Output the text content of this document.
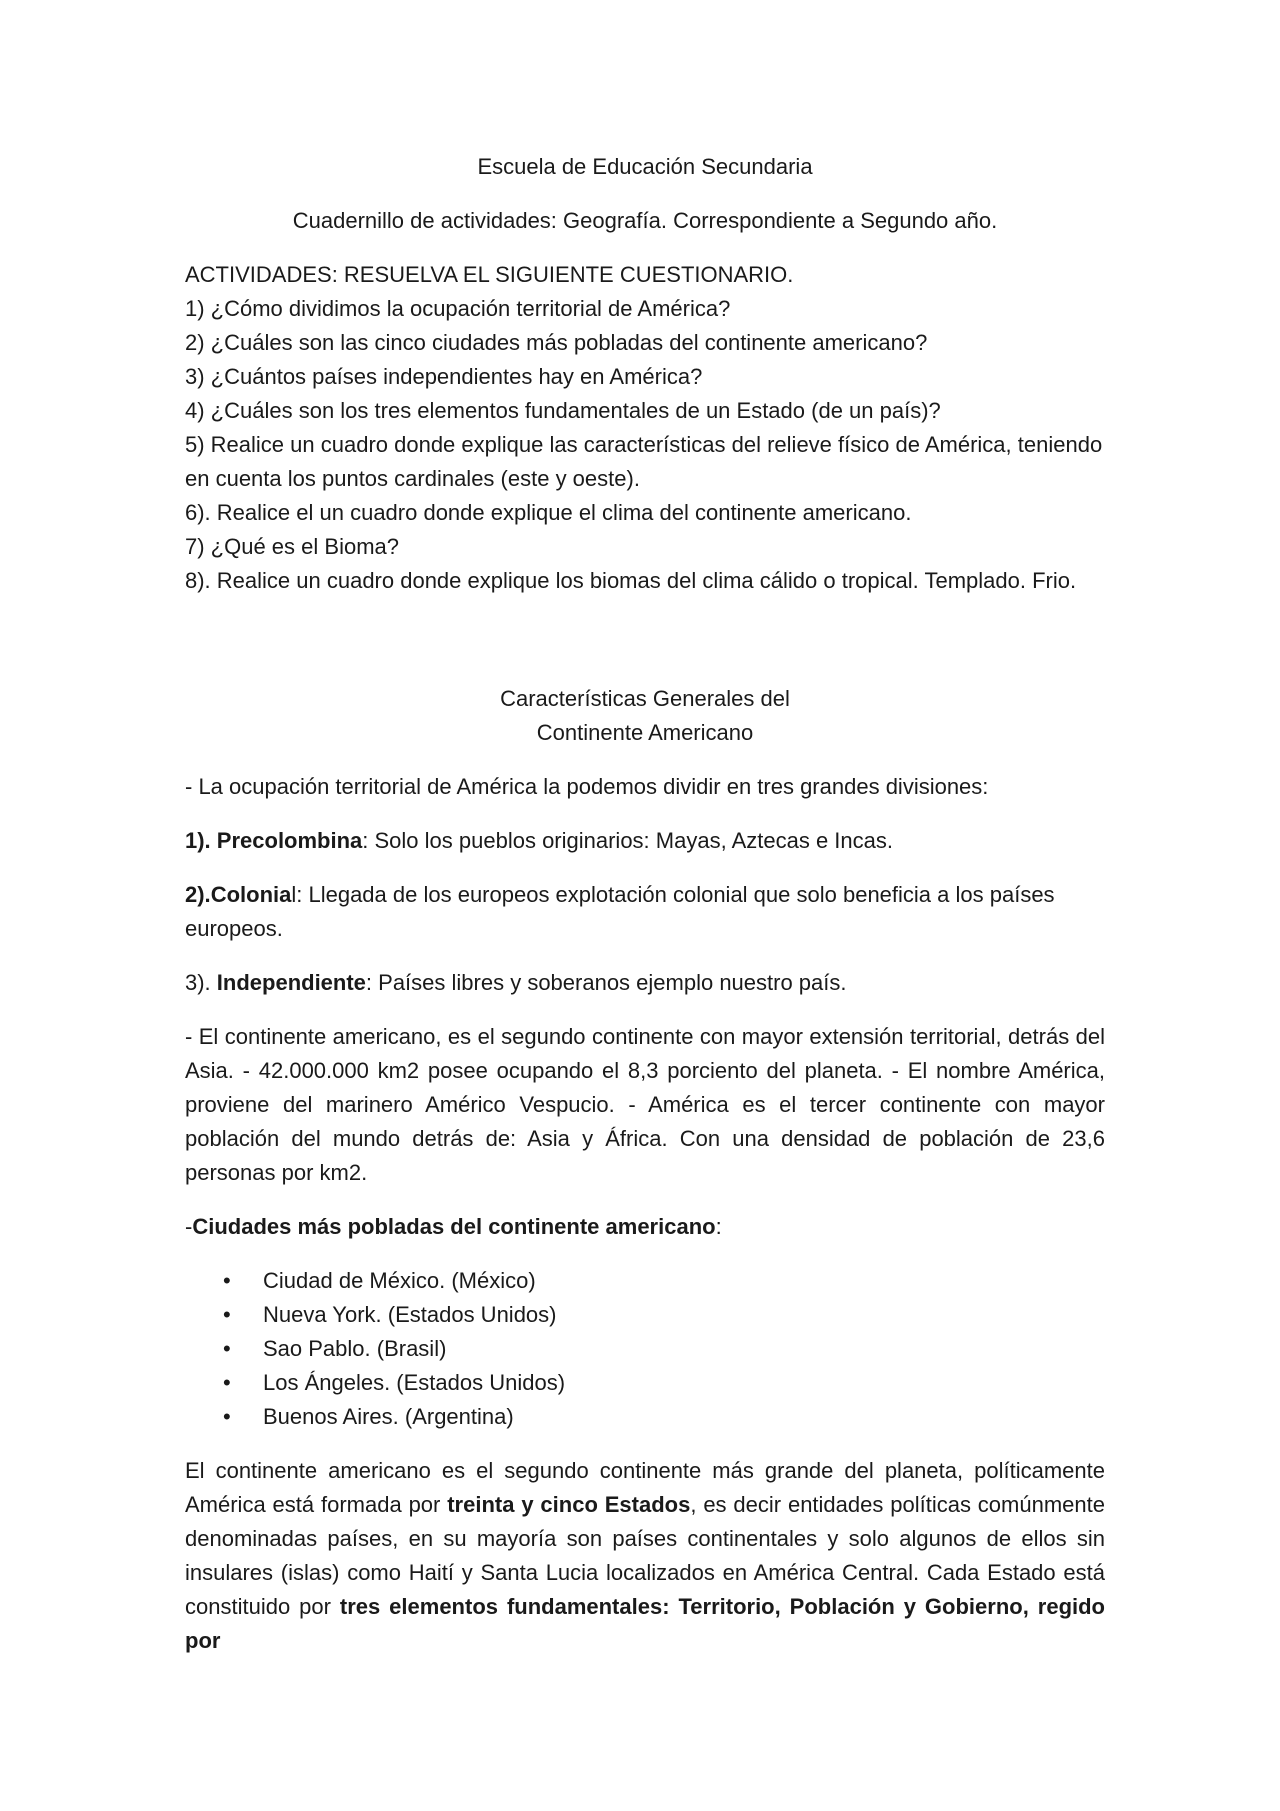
Escuela de Educación Secundaria

Cuadernillo de actividades: Geografía. Correspondiente a Segundo año.

ACTIVIDADES: RESUELVA EL SIGUIENTE CUESTIONARIO.

1) ¿Cómo dividimos la ocupación territorial de América?
2) ¿Cuáles son las cinco ciudades más pobladas del continente americano?
3) ¿Cuántos países independientes hay en América?
4) ¿Cuáles son los tres elementos fundamentales de un Estado (de un país)?
5) Realice un cuadro donde explique las características del relieve físico de América, teniendo en cuenta los puntos cardinales (este y oeste).
6). Realice el un cuadro donde explique el clima del continente americano.
7) ¿Qué es el Bioma?
8). Realice un cuadro donde explique los biomas del clima cálido o tropical. Templado. Frio.

Características Generales del

Continente Americano

- La ocupación territorial de América la podemos dividir en tres grandes divisiones:

1). Precolombina: Solo los pueblos originarios: Mayas, Aztecas e Incas.

2).Colonial: Llegada de los europeos explotación colonial que solo beneficia a los países europeos.

3). Independiente: Países libres y soberanos ejemplo nuestro país.

- El continente americano, es el segundo continente con mayor extensión territorial, detrás del Asia. - 42.000.000 km2 posee ocupando el 8,3 porciento del planeta. - El nombre América, proviene del marinero Américo Vespucio. - América es el tercer continente con mayor población del mundo detrás de: Asia y África. Con una densidad de población de 23,6 personas por km2.

-Ciudades más pobladas del continente americano:

• Ciudad de México. (México)
• Nueva York. (Estados Unidos)
• Sao Pablo. (Brasil)
• Los Ángeles. (Estados Unidos)
• Buenos Aires. (Argentina)

El continente americano es el segundo continente más grande del planeta, políticamente América está formada por treinta y cinco Estados, es decir entidades políticas comúnmente denominadas países, en su mayoría son países continentales y solo algunos de ellos sin insulares (islas) como Haití y Santa Lucia localizados en América Central. Cada Estado está constituido por tres elementos fundamentales: Territorio, Población y Gobierno, regido por
